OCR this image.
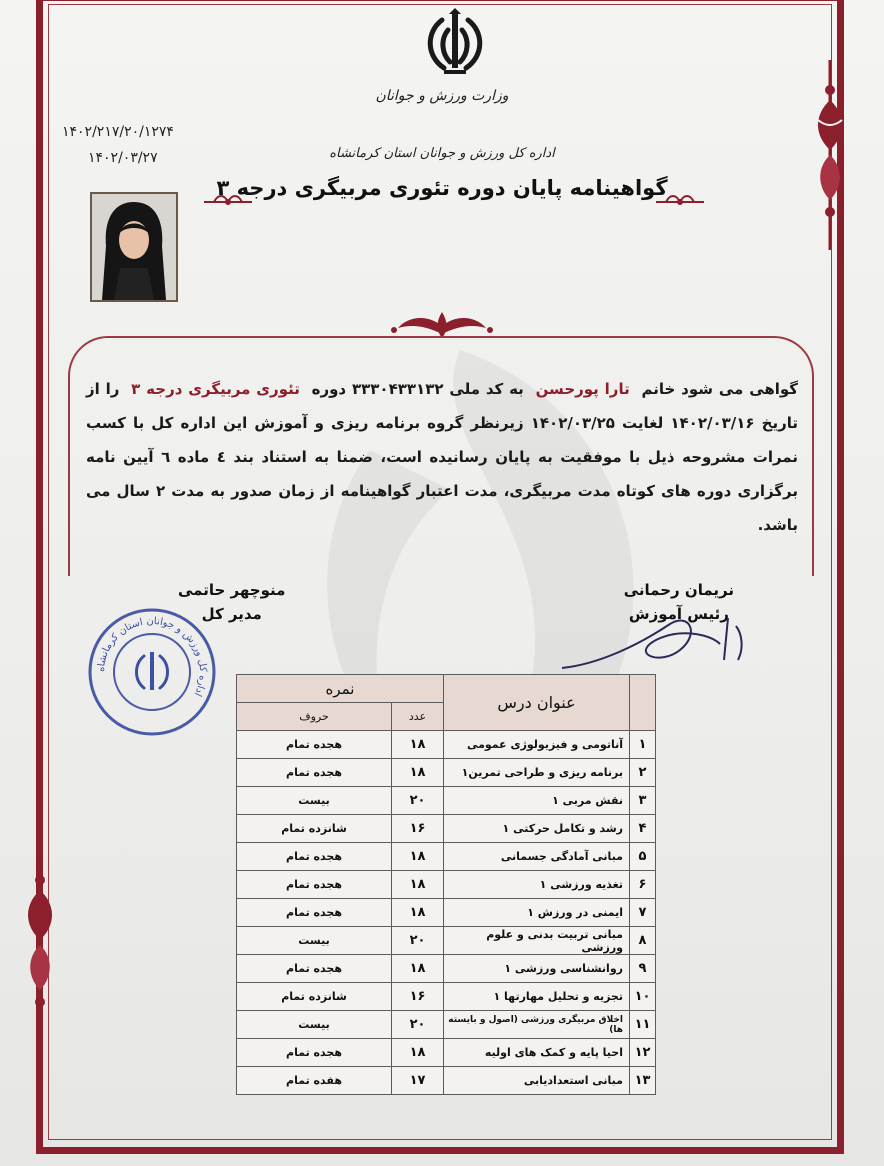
وزارت ورزش و جوانان
اداره کل ورزش و جوانان استان کرمانشاه
۱۴۰۲/۲۱۷/۲۰/۱۲۷۴
۱۴۰۲/۰۳/۲۷
گواهینامه پایان دوره تئوری مربیگری درجه ۳
گواهی می شود خانم  تارا پورحسن  به کد ملی ۳۳۳۰۴۳۳۱۳۲ دوره  تئوری مربیگری درجه ۳  را از تاریخ ۱۴۰۲/۰۳/۱۶ لغایت ۱۴۰۲/۰۳/۲۵ زیرنظر گروه برنامه ریزی و آموزش این اداره کل با کسب نمرات مشروحه ذیل با موفقیت به پایان رسانیده است، ضمنا به استناد بند ٤ ماده ٦ آیین نامه برگزاری دوره های کوتاه مدت مربیگری، مدت اعتبار گواهینامه از زمان صدور به مدت ۲ سال می باشد.
نریمان رحمانی
رئیس آموزش
منوچهر حاتمی
مدیر کل
اداره کل ورزش و جوانان استان کرمانشاه
		عنوان درس	نمره	
		عدد	حروف
۱	آناتومی و فیزیولوژی عمومی	۱۸	هجده تمام
۲	برنامه ریزی و طراحی تمرین۱	۱۸	هجده تمام
۳	نقش مربی ۱	۲۰	بیست
۴	رشد و تکامل حرکتی ۱	۱۶	شانزده تمام
۵	مبانی آمادگی جسمانی	۱۸	هجده تمام
۶	تغذیه ورزشی ۱	۱۸	هجده تمام
۷	ایمنی در ورزش ۱	۱۸	هجده تمام
۸	مبانی تربیت بدنی و علوم ورزشی	۲۰	بیست
۹	روانشناسی ورزشی ۱	۱۸	هجده تمام
۱۰	تجزیه و تحلیل مهارتها ۱	۱۶	شانزده تمام
۱۱	اخلاق مربیگری ورزشی (اصول و بایسته ها)	۲۰	بیست
۱۲	احیا پایه و کمک های اولیه	۱۸	هجده تمام
۱۳	مبانی استعدادیابی	۱۷	هفده تمام
